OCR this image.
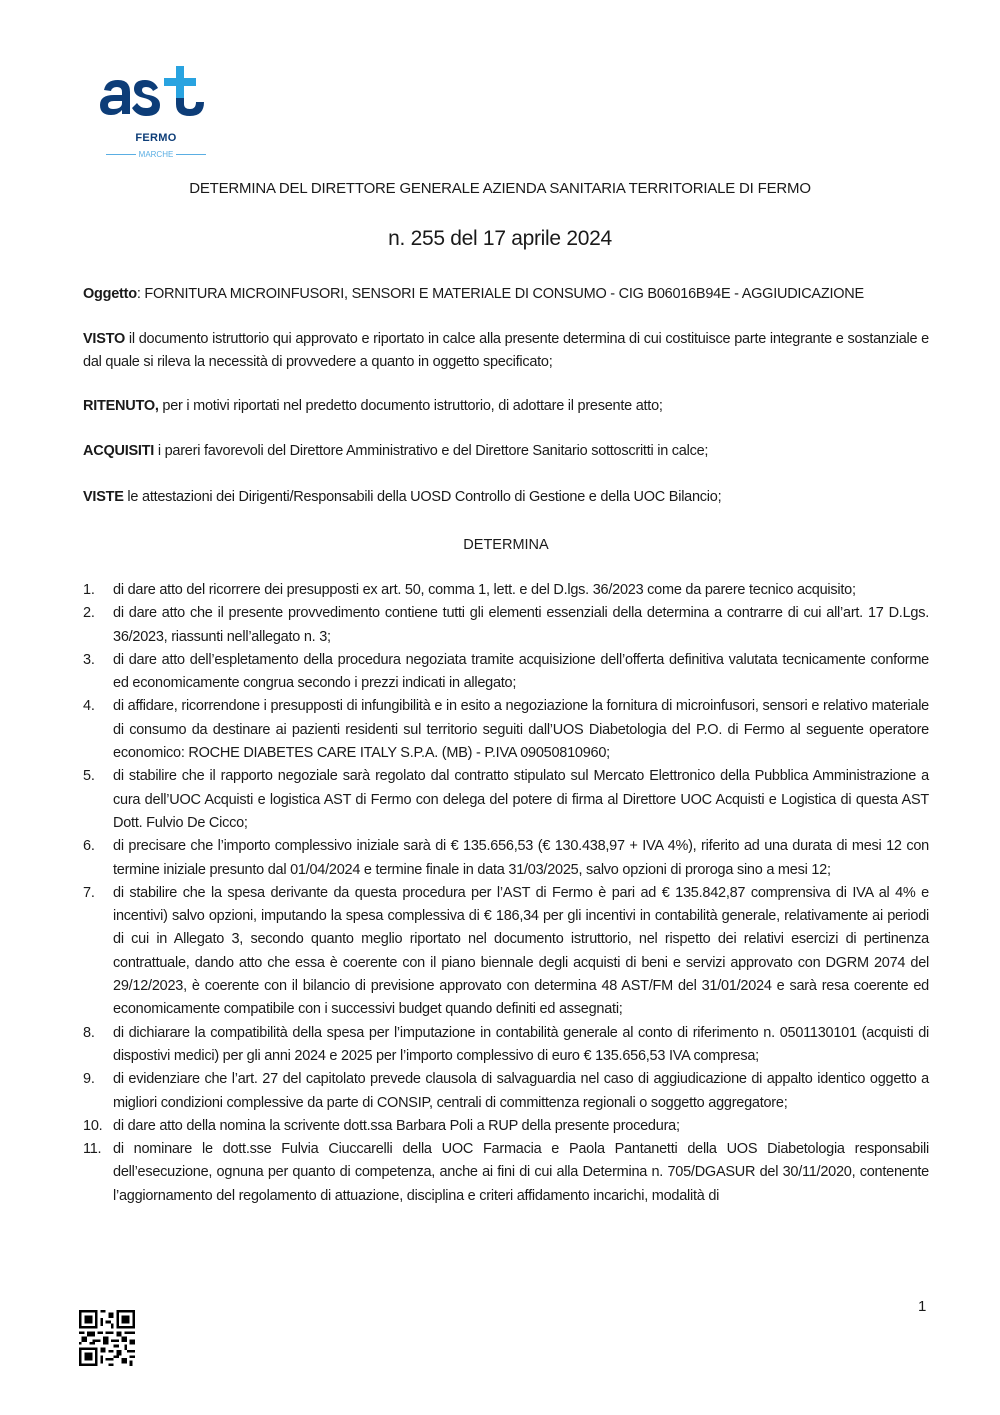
FERMO
MARCHE
DETERMINA DEL DIRETTORE GENERALE AZIENDA SANITARIA TERRITORIALE DI FERMO
n. 255 del 17 aprile 2024
Oggetto: FORNITURA MICROINFUSORI, SENSORI E MATERIALE DI CONSUMO - CIG B06016B94E - AGGIUDICAZIONE
VISTO il documento istruttorio qui approvato e riportato in calce alla presente determina di cui costituisce parte integrante e sostanziale e dal quale si rileva la necessità di provvedere a quanto in oggetto specificato;
RITENUTO, per i motivi riportati nel predetto documento istruttorio, di adottare il presente atto;
ACQUISITI i pareri favorevoli del Direttore Amministrativo e del Direttore Sanitario sottoscritti in calce;
VISTE le attestazioni dei Dirigenti/Responsabili della UOSD Controllo di Gestione e della UOC Bilancio;
DETERMINA
1. di dare atto del ricorrere dei presupposti ex art. 50, comma 1, lett. e del D.lgs. 36/2023 come da parere tecnico acquisito;
2. di dare atto che il presente provvedimento contiene tutti gli elementi essenziali della determina a contrarre di cui all’art. 17 D.Lgs. 36/2023, riassunti nell’allegato n. 3;
3. di dare atto dell’espletamento della procedura negoziata tramite acquisizione dell’offerta definitiva valutata tecnicamente conforme ed economicamente congrua secondo i prezzi indicati in allegato;
4. di affidare, ricorrendone i presupposti di infungibilità e in esito a negoziazione la fornitura di microinfusori, sensori e relativo materiale di consumo da destinare ai pazienti residenti sul territorio seguiti dall’UOS Diabetologia del P.O. di Fermo al seguente operatore economico: ROCHE DIABETES CARE ITALY S.P.A. (MB) - P.IVA 09050810960;
5. di stabilire che il rapporto negoziale sarà regolato dal contratto stipulato sul Mercato Elettronico della Pubblica Amministrazione a cura dell’UOC Acquisti e logistica AST di Fermo con delega del potere di firma al Direttore UOC Acquisti e Logistica di questa AST Dott. Fulvio De Cicco;
6. di precisare che l’importo complessivo iniziale sarà di € 135.656,53 (€ 130.438,97 + IVA 4%), riferito ad una durata di mesi 12 con termine iniziale presunto dal 01/04/2024 e termine finale in data 31/03/2025, salvo opzioni di proroga sino a mesi 12;
7. di stabilire che la spesa derivante da questa procedura per l’AST di Fermo è pari ad € 135.842,87 comprensiva di IVA al 4% e incentivi) salvo opzioni, imputando la spesa complessiva di € 186,34 per gli incentivi in contabilità generale, relativamente ai periodi di cui in Allegato 3, secondo quanto meglio riportato nel documento istruttorio, nel rispetto dei relativi esercizi di pertinenza contrattuale, dando atto che essa è coerente con il piano biennale degli acquisti di beni e servizi approvato con DGRM 2074 del 29/12/2023, è coerente con il bilancio di previsione approvato con determina 48 AST/FM del 31/01/2024 e sarà resa coerente ed economicamente compatibile con i successivi budget quando definiti ed assegnati;
8. di dichiarare la compatibilità della spesa per l’imputazione in contabilità generale al conto di riferimento n. 0501130101 (acquisti di dispostivi medici) per gli anni 2024 e 2025 per l’importo complessivo di euro € 135.656,53 IVA compresa;
9. di evidenziare che l’art. 27 del capitolato prevede clausola di salvaguardia nel caso di aggiudicazione di appalto identico oggetto a migliori condizioni complessive da parte di CONSIP, centrali di committenza regionali o soggetto aggregatore;
10. di dare atto della nomina la scrivente dott.ssa Barbara Poli a RUP della presente procedura;
11. di nominare le dott.sse Fulvia Ciuccarelli della UOC Farmacia e Paola Pantanetti della UOS Diabetologia responsabili dell’esecuzione, ognuna per quanto di competenza, anche ai fini di cui alla Determina n. 705/DGASUR del 30/11/2020, contenente l’aggiornamento del regolamento di attuazione, disciplina e criteri affidamento incarichi, modalità di
1
